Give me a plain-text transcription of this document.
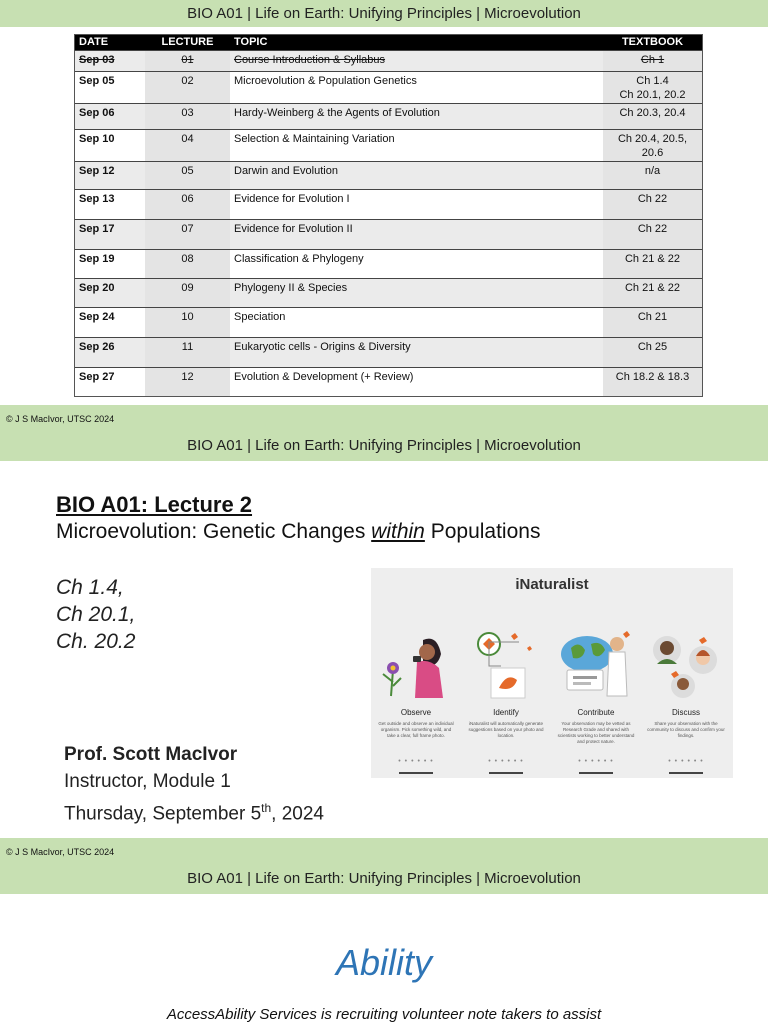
BIO A01 | Life on Earth: Unifying Principles | Microevolution
DATE	LECTURE	TOPIC	TEXTBOOK
Sep 03	01	Course Introduction & Syllabus	Ch 1
Sep 05	02	Microevolution & Population Genetics	Ch 1.4
Ch 20.1, 20.2
Sep 06	03	Hardy-Weinberg & the Agents of Evolution	Ch 20.3, 20.4
Sep 10	04	Selection & Maintaining Variation	Ch 20.4, 20.5,
20.6
Sep 12	05	Darwin and Evolution	n/a
Sep 13	06	Evidence for Evolution I	Ch 22
Sep 17	07	Evidence for Evolution II	Ch 22
Sep 19	08	Classification & Phylogeny	Ch 21 & 22
Sep 20	09	Phylogeny II & Species	Ch 21 & 22
Sep 24	10	Speciation	Ch 21
Sep 26	11	Eukaryotic cells - Origins & Diversity	Ch 25
Sep 27	12	Evolution & Development (+ Review)	Ch 18.2 & 18.3
© J S MacIvor, UTSC 2024
BIO A01 | Life on Earth: Unifying Principles | Microevolution
BIO A01: Lecture 2
Microevolution: Genetic Changes within Populations
Ch 1.4,
Ch 20.1,
Ch. 20.2
iNaturalist
Observe
Get outside and observe an individual organism. Pick something wild, and take a clear, full frame photo.
• • • • • •
Identify
iNaturalist will automatically generate suggestions based on your photo and location.
• • • • • •
Contribute
Your observation may be vetted as Research Grade and shared with scientists working to better understand and protect nature.
• • • • • •
Discuss
Share your observation with the community to discuss and confirm your findings.
• • • • • •
Prof. Scott MacIvor
Instructor, Module 1
Thursday, September 5th, 2024
© J S MacIvor, UTSC 2024
BIO A01 | Life on Earth: Unifying Principles | Microevolution
Ability
AccessAbility Services is recruiting volunteer note takers to assist
